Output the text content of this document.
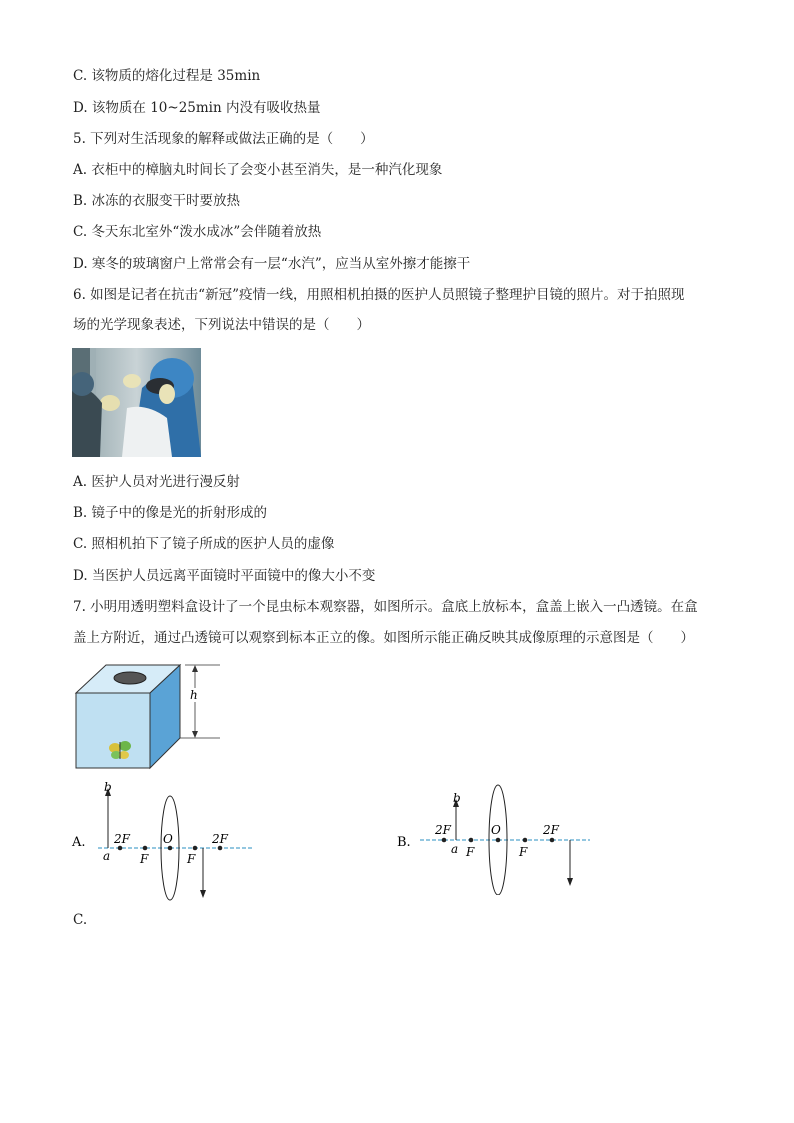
C. 该物质的熔化过程是 35min
D. 该物质在 10~25min 内没有吸收热量
5. 下列对生活现象的解释或做法正确的是（　　）
A. 衣柜中的樟脑丸时间长了会变小甚至消失，是一种汽化现象
B. 冰冻的衣服变干时要放热
C. 冬天东北室外“泼水成冰”会伴随着放热
D. 寒冬的玻璃窗户上常常会有一层“水汽”，应当从室外擦才能擦干
6. 如图是记者在抗击“新冠”疫情一线，用照相机拍摄的医护人员照镜子整理护目镜的照片。对于拍照现
场的光学现象表述，下列说法中错误的是（　　）
A. 医护人员对光进行漫反射
B. 镜子中的像是光的折射形成的
C. 照相机拍下了镜子所成的医护人员的虚像
D. 当医护人员远离平面镜时平面镜中的像大小不变
7. 小明用透明塑料盒设计了一个昆虫标本观察器，如图所示。盒底上放标本，盒盖上嵌入一凸透镜。在盒
盖上方附近，通过凸透镜可以观察到标本正立的像。如图所示能正确反映其成像原理的示意图是（　　）
h
A.
b
a
2F
F
O
F
2F	B.
b
a
2F
F
O
F
2F
C.
